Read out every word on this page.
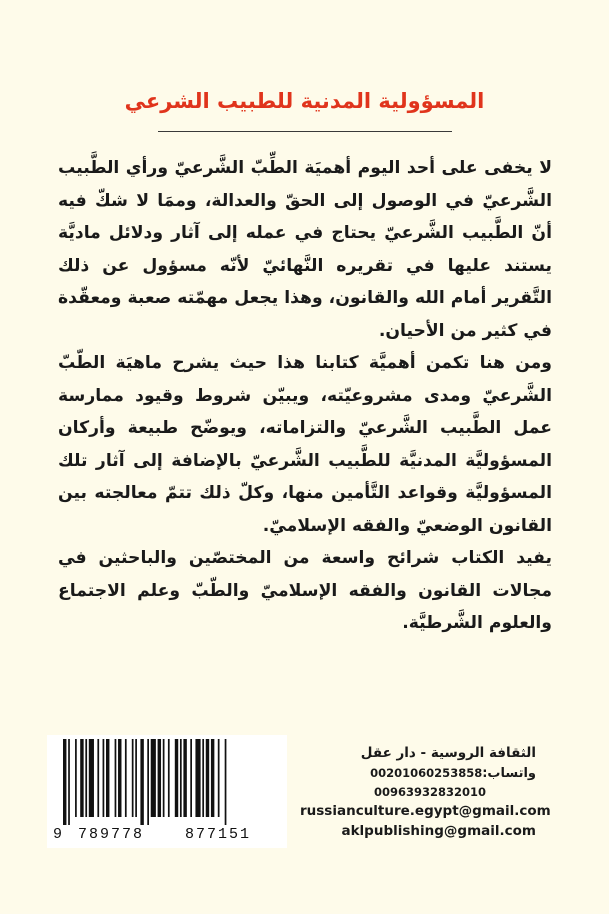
المسؤولية المدنية للطبيب الشرعي

لا يخفى على أحد اليوم أهميَة الطِّبّ الشَّرعيّ ورأي الطَّبيب الشَّرعيّ في الوصول إلى الحقّ والعدالة، وممَا لا شكّ فيه أنّ الطَّبيب الشَّرعيّ يحتاج في عمله إلى آثار ودلائل ماديَّة يستند عليها في تقريره النَّهائيّ لأنّه مسؤول عن ذلك التَّقرير أمام الله والقانون، وهذا يجعل مهمّته صعبة ومعقّدة في كثير من الأحيان.

ومن هنا تكمن أهميَّة كتابنا هذا حيث يشرح ماهيَة الطّبّ الشَّرعيّ ومدى مشروعيّته، ويبيّن شروط وقيود ممارسة عمل الطَّبيب الشَّرعيّ والتزاماته، ويوضّح طبيعة وأركان المسؤوليَّة المدنيَّة للطَّبيب الشَّرعيّ بالإضافة إلى آثار تلك المسؤوليَّة وقواعد التَّأمين منها، وكلّ ذلك تتمّ معالجته بين القانون الوضعيّ والفقه الإسلاميّ.

يفيد الكتاب شرائح واسعة من المختصّين والباحثين في مجالات القانون والفقه الإسلاميّ والطّبّ وعلم الاجتماع والعلوم الشَّرطيَّة.

9 789778	877151
الثقافة الروسية - دار عقل
واتساب:
00201060253858
00963932832010
russianculture.egypt@gmail.com
aklpublishing@gmail.com
